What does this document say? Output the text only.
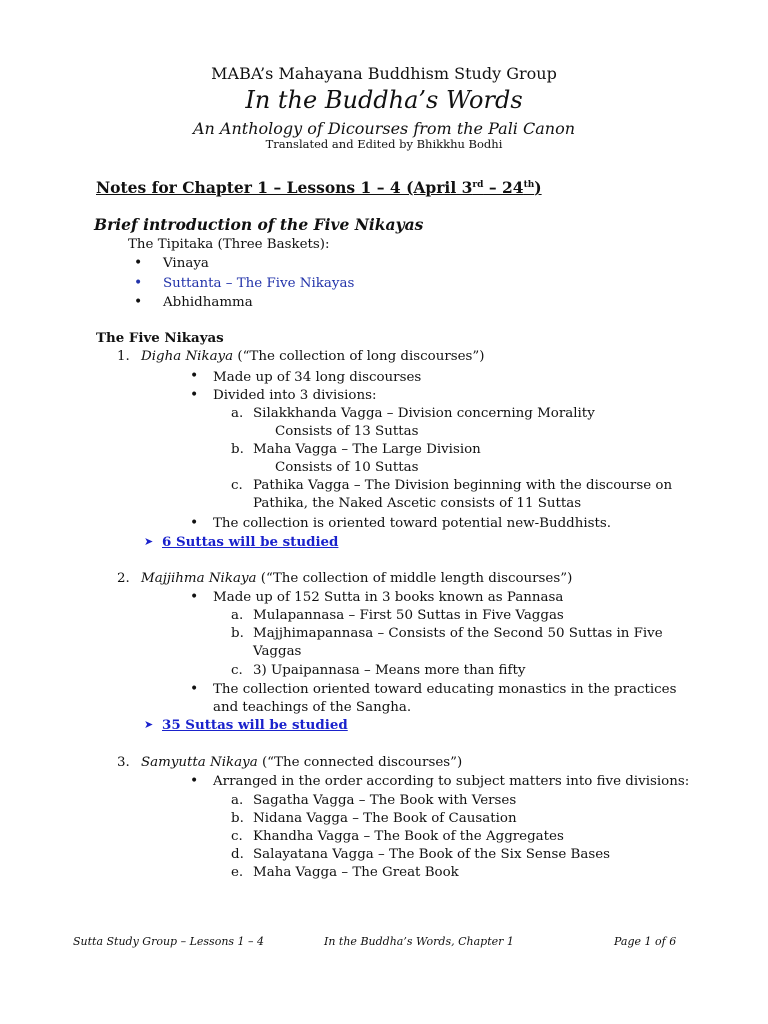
MABA’s Mahayana Buddhism Study Group
In the Buddha’s Words
An Anthology of Dicourses from the Pali Canon
Translated and Edited by Bhikkhu Bodhi
Notes for Chapter 1 – Lessons 1 – 4 (April 3rd – 24th)
Brief introduction of the Five Nikayas
The Tipitaka (Three Baskets):
• Vinaya
• Suttanta – The Five Nikayas
• Abhidhamma
The Five Nikayas
1. Digha Nikaya (“The collection of long discourses”)
• Made up of 34 long discourses
• Divided into 3 divisions:
a. Silakkhanda Vagga – Division concerning Morality
Consists of 13 Suttas
b. Maha Vagga – The Large Division
Consists of 10 Suttas
c. Pathika Vagga – The Division beginning with the discourse on
Pathika, the Naked Ascetic consists of 11 Suttas
• The collection is oriented toward potential new-Buddhists.
➤ 6 Suttas will be studied
2. Majjihma Nikaya (“The collection of middle length discourses”)
• Made up of 152 Sutta in 3 books known as Pannasa
a. Mulapannasa – First 50 Suttas in Five Vaggas
b. Majjhimapannasa – Consists of the Second 50 Suttas in Five
Vaggas
c. 3) Upaipannasa – Means more than fifty
• The collection oriented toward educating monastics in the practices
and teachings of the Sangha.
➤ 35 Suttas will be studied
3. Samyutta Nikaya (“The connected discourses”)
• Arranged in the order according to subject matters into five divisions:
a. Sagatha Vagga – The Book with Verses
b. Nidana Vagga – The Book of Causation
c. Khandha Vagga – The Book of the Aggregates
d. Salayatana Vagga – The Book of the Six Sense Bases
e. Maha Vagga – The Great Book
Sutta Study Group – Lessons 1 – 4	In the Buddha’s Words, Chapter 1	Page 1 of 6
